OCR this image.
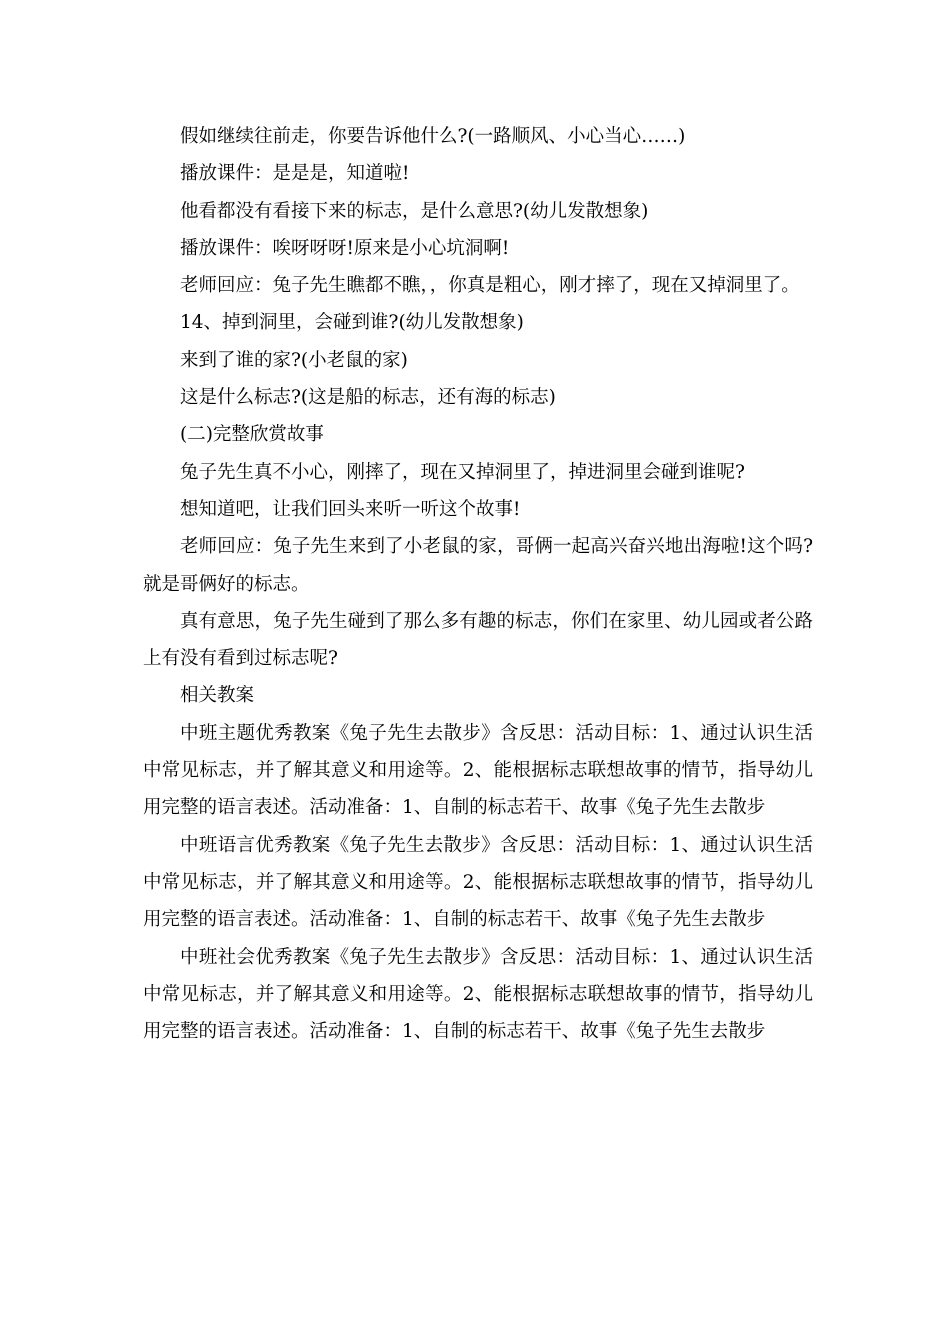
假如继续往前走，你要告诉他什么?(一路顺风、小心当心……)

播放课件：是是是，知道啦!

他看都没有看接下来的标志，是什么意思?(幼儿发散想象)

播放课件：唉呀呀呀!原来是小心坑洞啊!

老师回应：兔子先生瞧都不瞧，，你真是粗心，刚才摔了，现在又掉洞里了。

14、掉到洞里，会碰到谁?(幼儿发散想象)

来到了谁的家?(小老鼠的家)

这是什么标志?(这是船的标志，还有海的标志)

(二)完整欣赏故事

兔子先生真不小心，刚摔了，现在又掉洞里了，掉进洞里会碰到谁呢?

想知道吧，让我们回头来听一听这个故事!

老师回应：兔子先生来到了小老鼠的家，哥俩一起高兴奋兴地出海啦!这个吗?就是哥俩好的标志。

真有意思，兔子先生碰到了那么多有趣的标志，你们在家里、幼儿园或者公路上有没有看到过标志呢?

相关教案

中班主题优秀教案《兔子先生去散步》含反思：活动目标：1、通过认识生活中常见标志，并了解其意义和用途等。2、能根据标志联想故事的情节，指导幼儿用完整的语言表述。活动准备：1、自制的标志若干、故事《兔子先生去散步

中班语言优秀教案《兔子先生去散步》含反思：活动目标：1、通过认识生活中常见标志，并了解其意义和用途等。2、能根据标志联想故事的情节，指导幼儿用完整的语言表述。活动准备：1、自制的标志若干、故事《兔子先生去散步

中班社会优秀教案《兔子先生去散步》含反思：活动目标：1、通过认识生活中常见标志，并了解其意义和用途等。2、能根据标志联想故事的情节，指导幼儿用完整的语言表述。活动准备：1、自制的标志若干、故事《兔子先生去散步
